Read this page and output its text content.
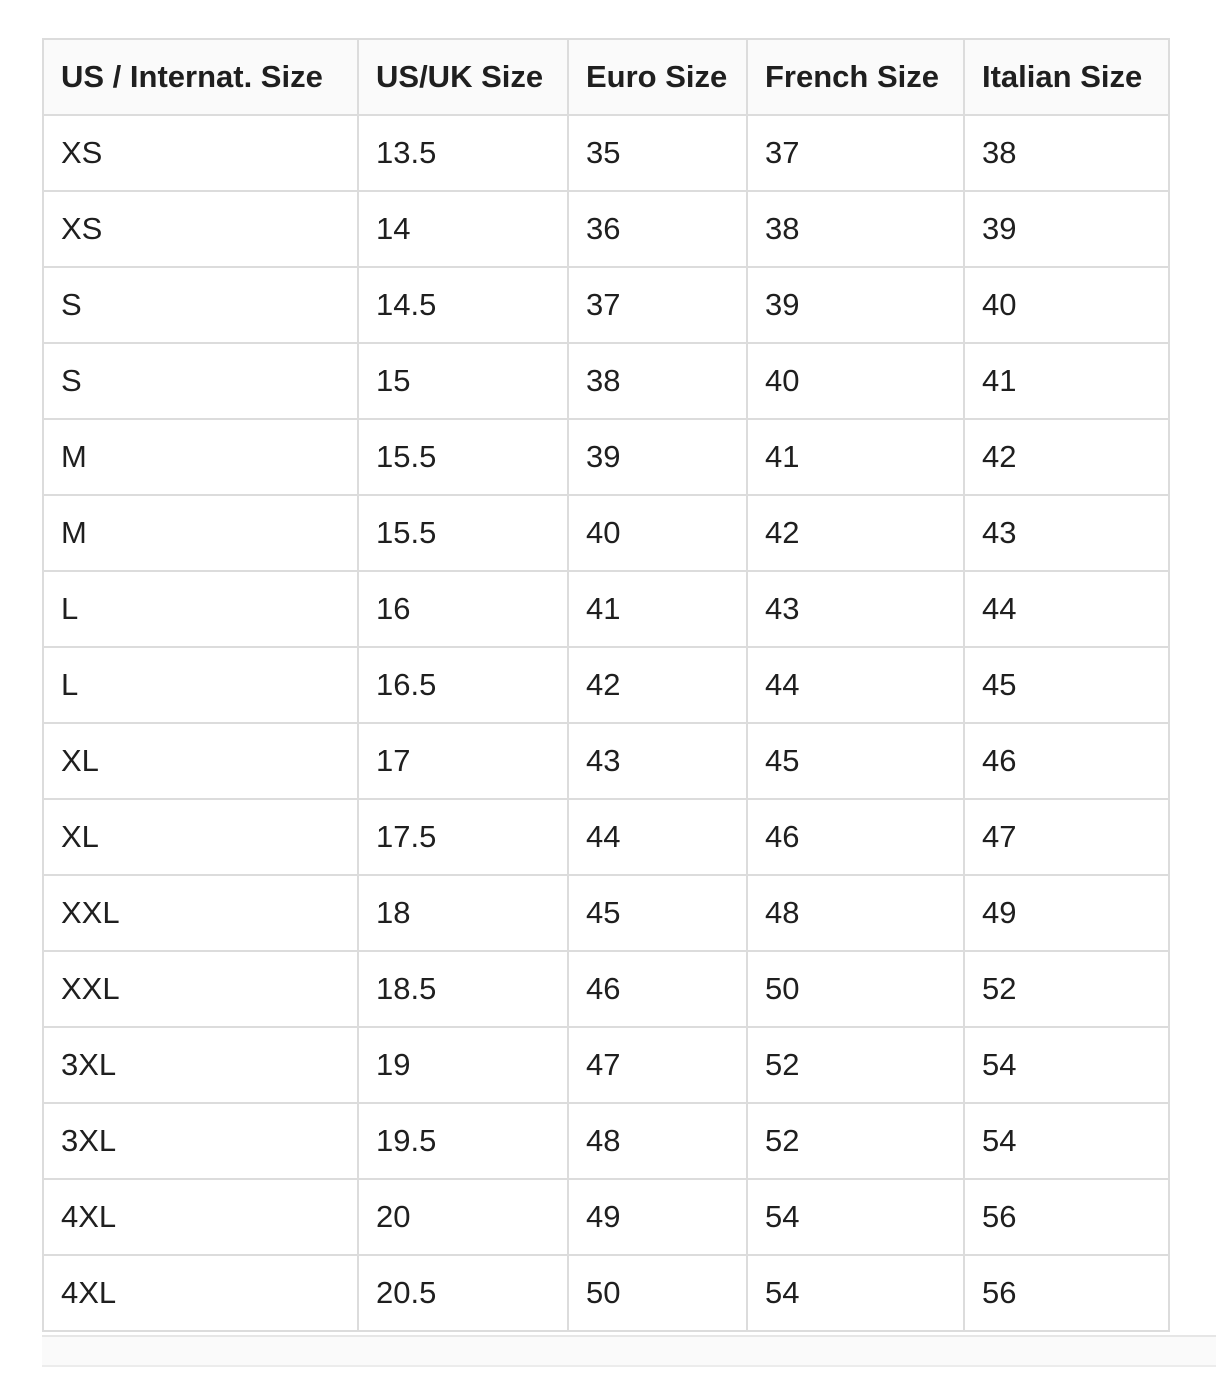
US / Internat. Size	US/UK Size	Euro Size	French Size	Italian Size
XS	13.5	35	37	38
XS	14	36	38	39
S	14.5	37	39	40
S	15	38	40	41
M	15.5	39	41	42
M	15.5	40	42	43
L	16	41	43	44
L	16.5	42	44	45
XL	17	43	45	46
XL	17.5	44	46	47
XXL	18	45	48	49
XXL	18.5	46	50	52
3XL	19	47	52	54
3XL	19.5	48	52	54
4XL	20	49	54	56
4XL	20.5	50	54	56
